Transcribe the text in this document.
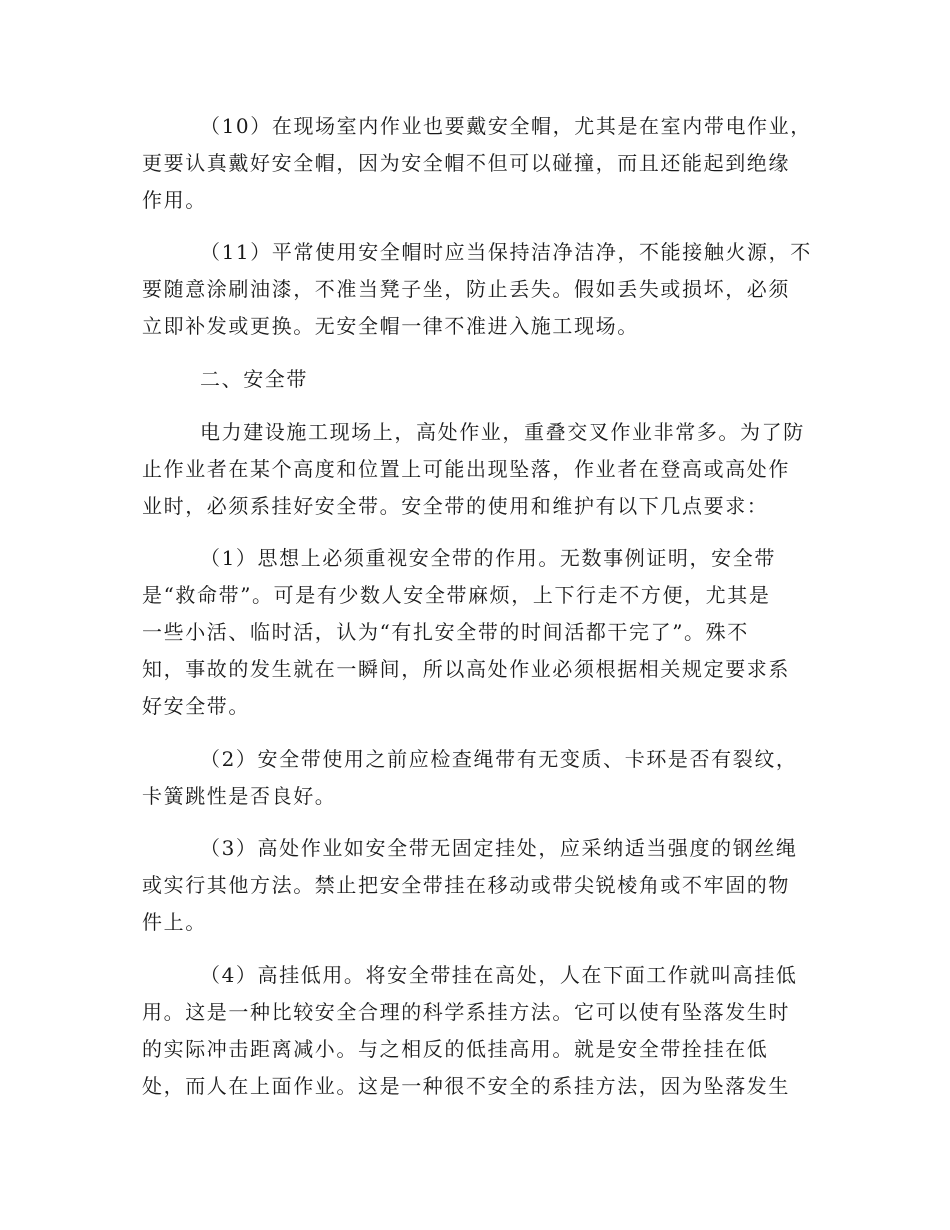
（10）在现场室内作业也要戴安全帽，尤其是在室内带电作业，
更要认真戴好安全帽，因为安全帽不但可以碰撞，而且还能起到绝缘
作用。
（11）平常使用安全帽时应当保持洁净洁净，不能接触火源，不
要随意涂刷油漆，不准当凳子坐，防止丢失。假如丢失或损坏，必须
立即补发或更换。无安全帽一律不准进入施工现场。
二、安全带
电力建设施工现场上，高处作业，重叠交叉作业非常多。为了防
止作业者在某个高度和位置上可能出现坠落，作业者在登高或高处作
业时，必须系挂好安全带。安全带的使用和维护有以下几点要求：
（1）思想上必须重视安全带的作用。无数事例证明，安全带
是“救命带”。可是有少数人安全带麻烦，上下行走不方便，尤其是
一些小活、临时活，认为“有扎安全带的时间活都干完了”。殊不
知，事故的发生就在一瞬间，所以高处作业必须根据相关规定要求系
好安全带。
（2）安全带使用之前应检查绳带有无变质、卡环是否有裂纹，
卡簧跳性是否良好。
（3）高处作业如安全带无固定挂处，应采纳适当强度的钢丝绳
或实行其他方法。禁止把安全带挂在移动或带尖锐棱角或不牢固的物
件上。
（4）高挂低用。将安全带挂在高处，人在下面工作就叫高挂低
用。这是一种比较安全合理的科学系挂方法。它可以使有坠落发生时
的实际冲击距离减小。与之相反的低挂高用。就是安全带拴挂在低
处，而人在上面作业。这是一种很不安全的系挂方法，因为坠落发生
